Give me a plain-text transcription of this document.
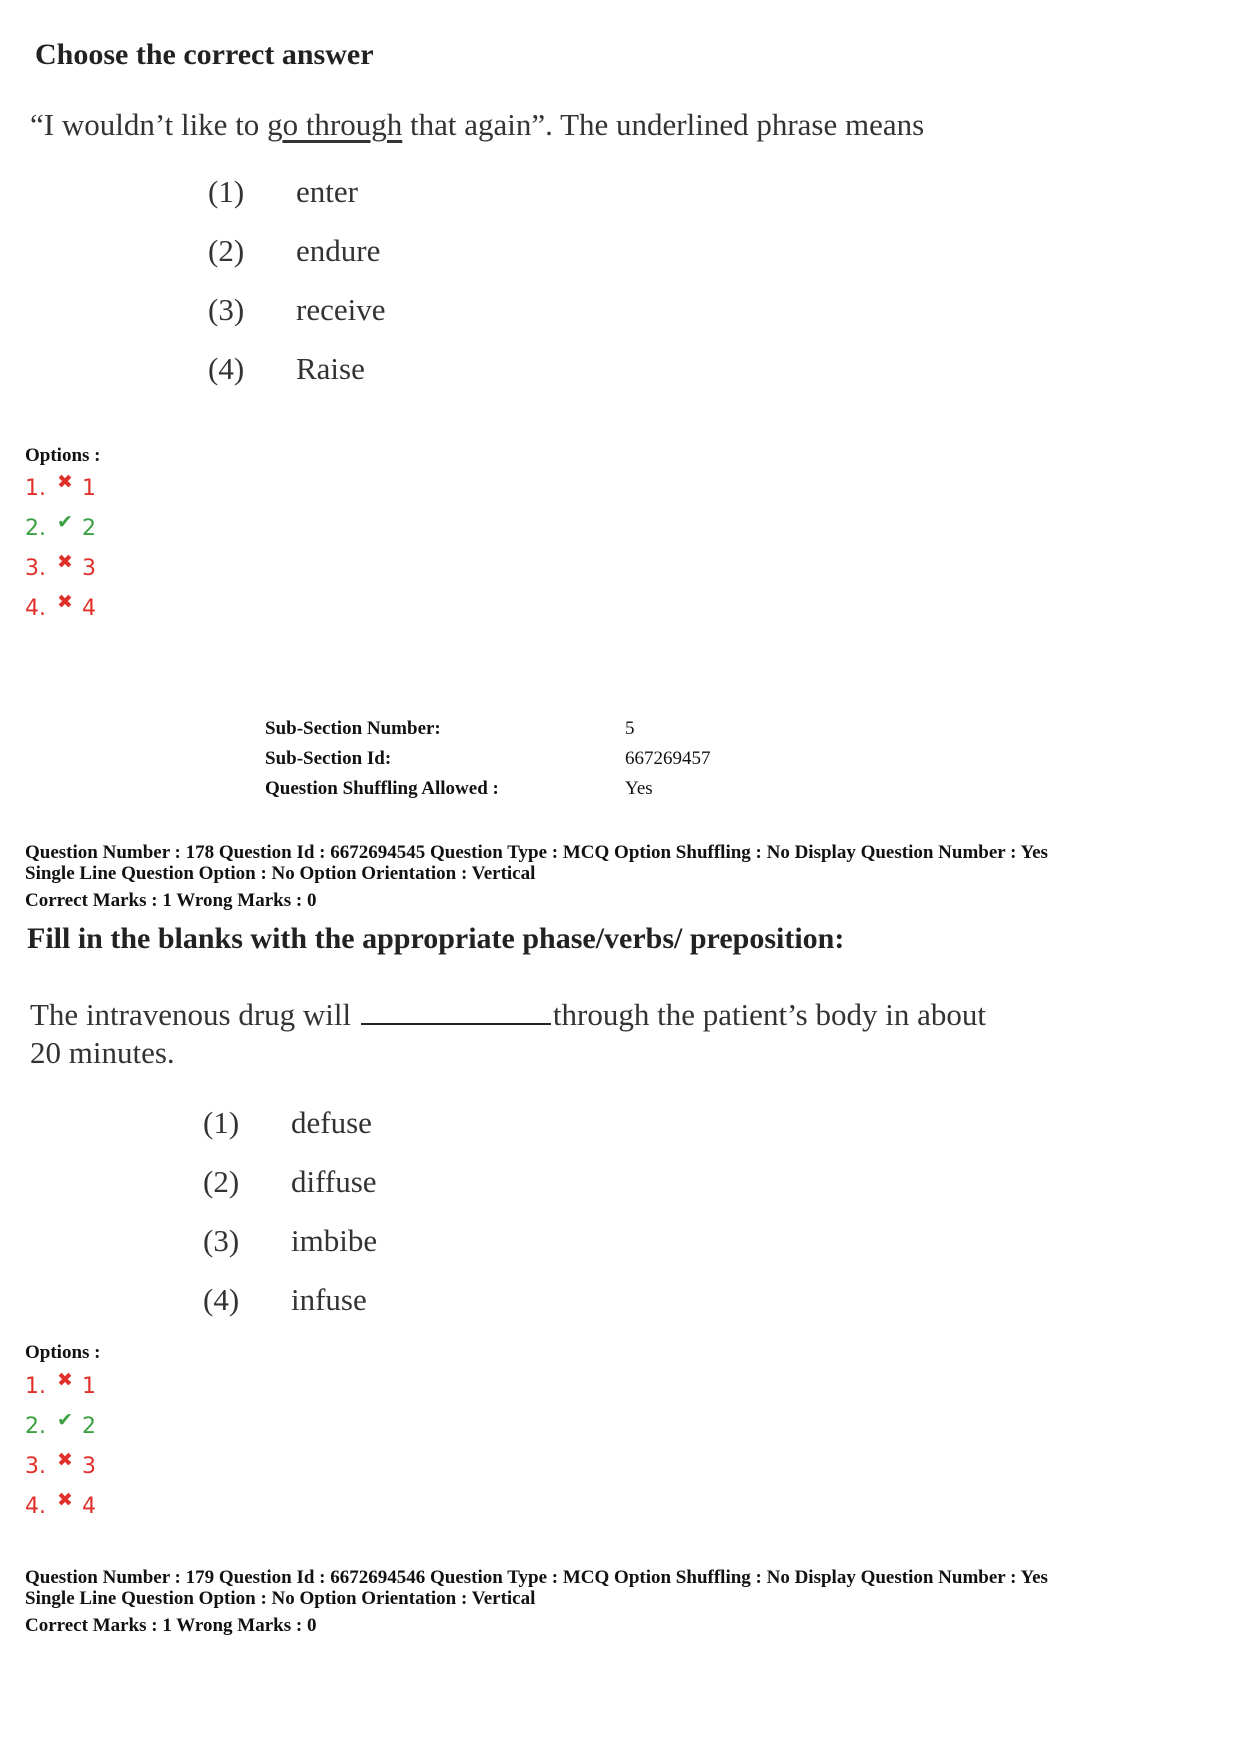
Choose the correct answer
“I wouldn’t like to go through that again”. The underlined phrase means
(1)	enter
(2)	endure
(3)	receive
(4)	Raise
Options :
1. ✖ 1
2. ✔ 2
3. ✖ 3
4. ✖ 4
Sub-Section Number:	5
Sub-Section Id:	667269457
Question Shuffling Allowed :	Yes
Question Number : 178 Question Id : 6672694545 Question Type : MCQ Option Shuffling : No Display Question Number : Yes
Single Line Question Option : No Option Orientation : Vertical
Correct Marks : 1 Wrong Marks : 0
Fill in the blanks with the appropriate phase/verbs/ preposition:
The intravenous drug will	through the patient’s body in about
20 minutes.
(1)	defuse
(2)	diffuse
(3)	imbibe
(4)	infuse
Options :
1. ✖ 1
2. ✔ 2
3. ✖ 3
4. ✖ 4
Question Number : 179 Question Id : 6672694546 Question Type : MCQ Option Shuffling : No Display Question Number : Yes
Single Line Question Option : No Option Orientation : Vertical
Correct Marks : 1 Wrong Marks : 0
